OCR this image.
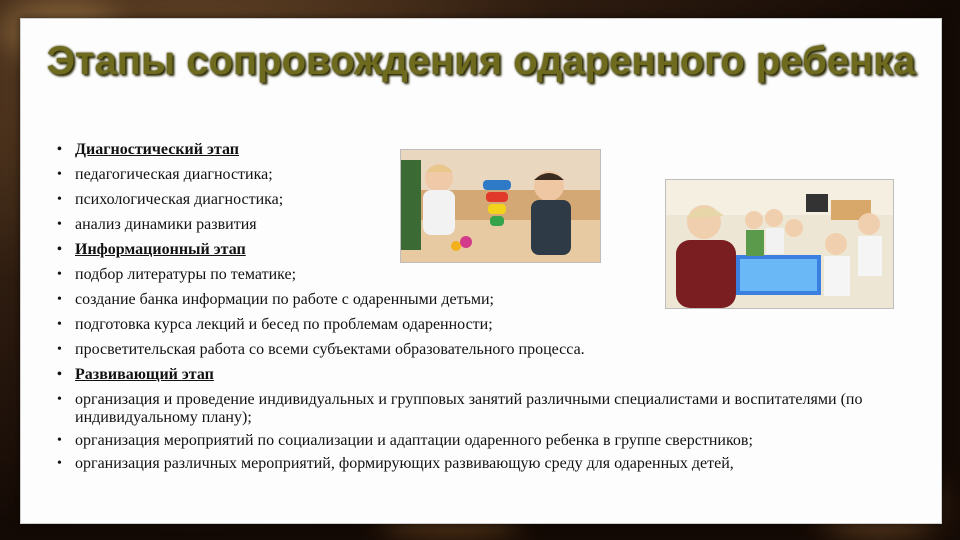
Этапы сопровождения одаренного ребенка
• Диагностический этап
• педагогическая диагностика;
• психологическая диагностика;
• анализ динамики развития
• Информационный этап
• подбор литературы по тематике;
• создание банка информации по работе с одаренными детьми;
• подготовка курса лекций и бесед по проблемам одаренности;
• просветительская работа со всеми субъектами образовательного процесса.
• Развивающий этап
• организация и проведение индивидуальных и групповых занятий различными специалистами и воспитателями (по индивидуальному плану);
• организация мероприятий по социализации и адаптации одаренного ребенка в группе сверстников;
• организация различных мероприятий, формирующих развивающую среду для одаренных детей,
